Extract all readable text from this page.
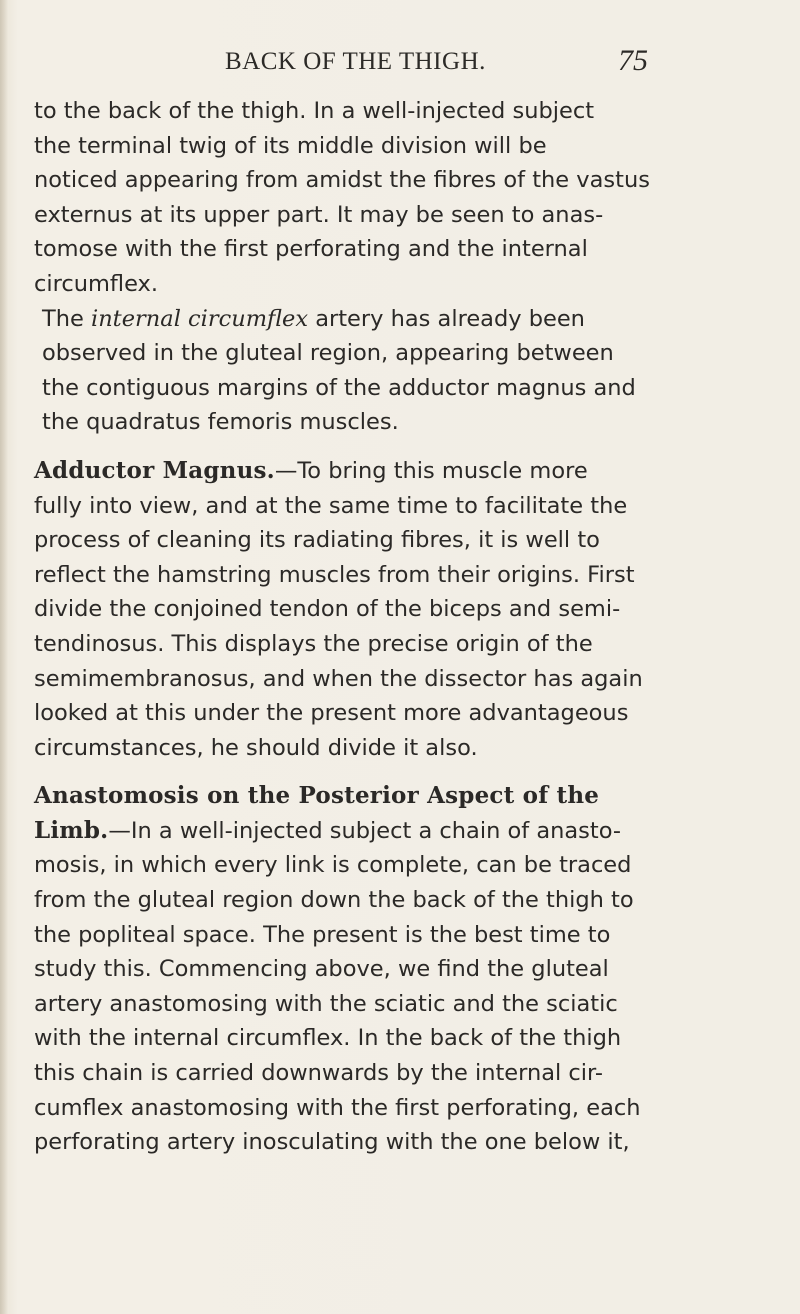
BACK OF THE THIGH.	75

to the back of the thigh. In a well-injected subject
the terminal twig of its middle division will be
noticed appearing from amidst the fibres of the vastus
externus at its upper part. It may be seen to anas-
tomose with the first perforating and the internal
circumflex.

The internal circumflex artery has already been
observed in the gluteal region, appearing between
the contiguous margins of the adductor magnus and
the quadratus femoris muscles.

Adductor Magnus.—To bring this muscle more
fully into view, and at the same time to facilitate the
process of cleaning its radiating fibres, it is well to
reflect the hamstring muscles from their origins. First
divide the conjoined tendon of the biceps and semi-
tendinosus. This displays the precise origin of the
semimembranosus, and when the dissector has again
looked at this under the present more advantageous
circumstances, he should divide it also.

Anastomosis on the Posterior Aspect of the
Limb.—In a well-injected subject a chain of anasto-
mosis, in which every link is complete, can be traced
from the gluteal region down the back of the thigh to
the popliteal space. The present is the best time to
study this. Commencing above, we find the gluteal
artery anastomosing with the sciatic and the sciatic
with the internal circumflex. In the back of the thigh
this chain is carried downwards by the internal cir-
cumflex anastomosing with the first perforating, each
perforating artery inosculating with the one below it,
